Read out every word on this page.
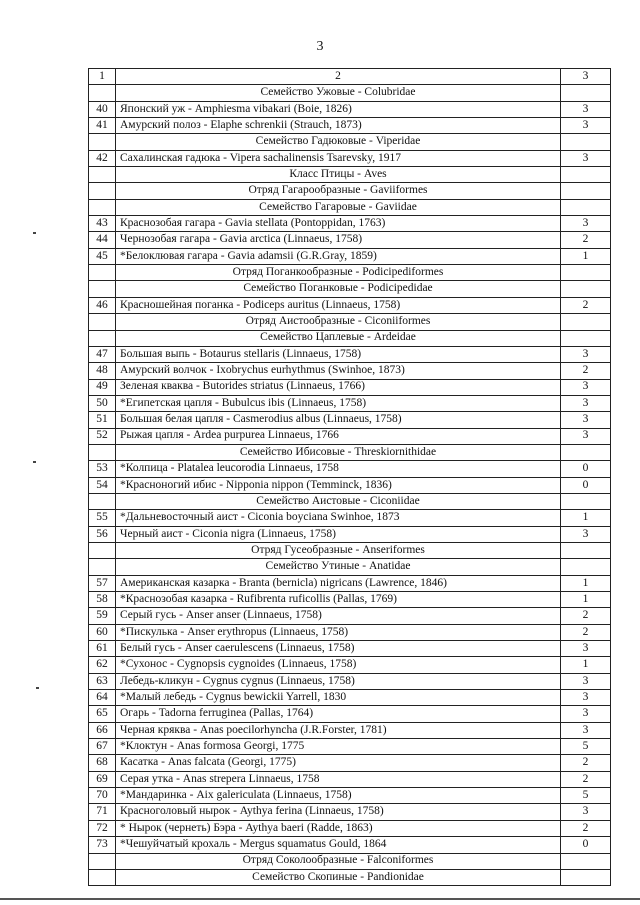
3
1	2	3
	Семейство Ужовые - Colubridae	
40	Японский уж - Amphiesma vibakari (Boie, 1826)	3
41	Амурский полоз - Elaphe schrenkii (Strauch, 1873)	3
	Семейство Гадюковые - Viperidae	
42	Сахалинская гадюка - Vipera sachalinensis Tsarevsky, 1917	3
	Класс Птицы - Aves	
	Отряд Гагарообразные - Gaviiformes	
	Семейство Гагаровые - Gaviidae	
43	Краснозобая гагара - Gavia stellata (Pontoppidan, 1763)	3
44	Чернозобая гагара - Gavia arctica (Linnaeus, 1758)	2
45	*Белоклювая гагара - Gavia adamsii (G.R.Gray, 1859)	1
	Отряд Поганкообразные - Podicipediformes	
	Семейство Поганковые - Podicipedidae	
46	Красношейная поганка - Podiceps auritus (Linnaeus, 1758)	2
	Отряд Аистообразные - Ciconiiformes	
	Семейство Цаплевые - Ardeidae	
47	Большая выпь - Botaurus stellaris (Linnaeus, 1758)	3
48	Амурский волчок - Ixobrychus eurhythmus (Swinhoe, 1873)	2
49	Зеленая кваква - Butorides striatus (Linnaeus, 1766)	3
50	*Египетская цапля - Bubulcus ibis (Linnaeus, 1758)	3
51	Большая белая цапля - Casmerodius albus (Linnaeus, 1758)	3
52	Рыжая цапля - Ardea purpurea Linnaeus, 1766	3
	Семейство Ибисовые - Threskiornithidae	
53	*Колпица - Platalea leucorodia Linnaeus, 1758	0
54	*Красноногий ибис - Nipponia nippon (Temminck, 1836)	0
	Семейство Аистовые - Ciconiidae	
55	*Дальневосточный аист - Ciconia boyciana Swinhoe, 1873	1
56	Черный аист - Ciconia nigra (Linnaeus, 1758)	3
	Отряд Гусеобразные - Anseriformes	
	Семейство Утиные - Anatidae	
57	Американская казарка - Branta (bernicla) nigricans (Lawrence, 1846)	1
58	*Краснозобая казарка - Rufibrenta ruficollis (Pallas, 1769)	1
59	Серый гусь - Anser anser (Linnaeus, 1758)	2
60	*Пискулька - Anser erythropus (Linnaeus, 1758)	2
61	Белый гусь - Anser caerulescens (Linnaeus, 1758)	3
62	*Сухонос - Cygnopsis cygnoides (Linnaeus, 1758)	1
63	Лебедь-кликун - Cygnus cygnus (Linnaeus, 1758)	3
64	*Малый лебедь - Cygnus bewickii Yarrell, 1830	3
65	Огарь - Tadorna ferruginea (Pallas, 1764)	3
66	Черная кряква - Anas poecilorhyncha (J.R.Forster, 1781)	3
67	*Клоктун - Anas formosa Georgi, 1775	5
68	Касатка - Anas falcata (Georgi, 1775)	2
69	Серая утка - Anas strepera Linnaeus, 1758	2
70	*Мандаринка - Aix galericulata (Linnaeus, 1758)	5
71	Красноголовый нырок - Aythya ferina (Linnaeus, 1758)	3
72	* Нырок (чернеть) Бэра - Aythya baeri (Radde, 1863)	2
73	*Чешуйчатый крохаль - Mergus squamatus Gould, 1864	0
	Отряд Соколообразные - Falconiformes	
	Семейство Скопиные - Pandionidae	
